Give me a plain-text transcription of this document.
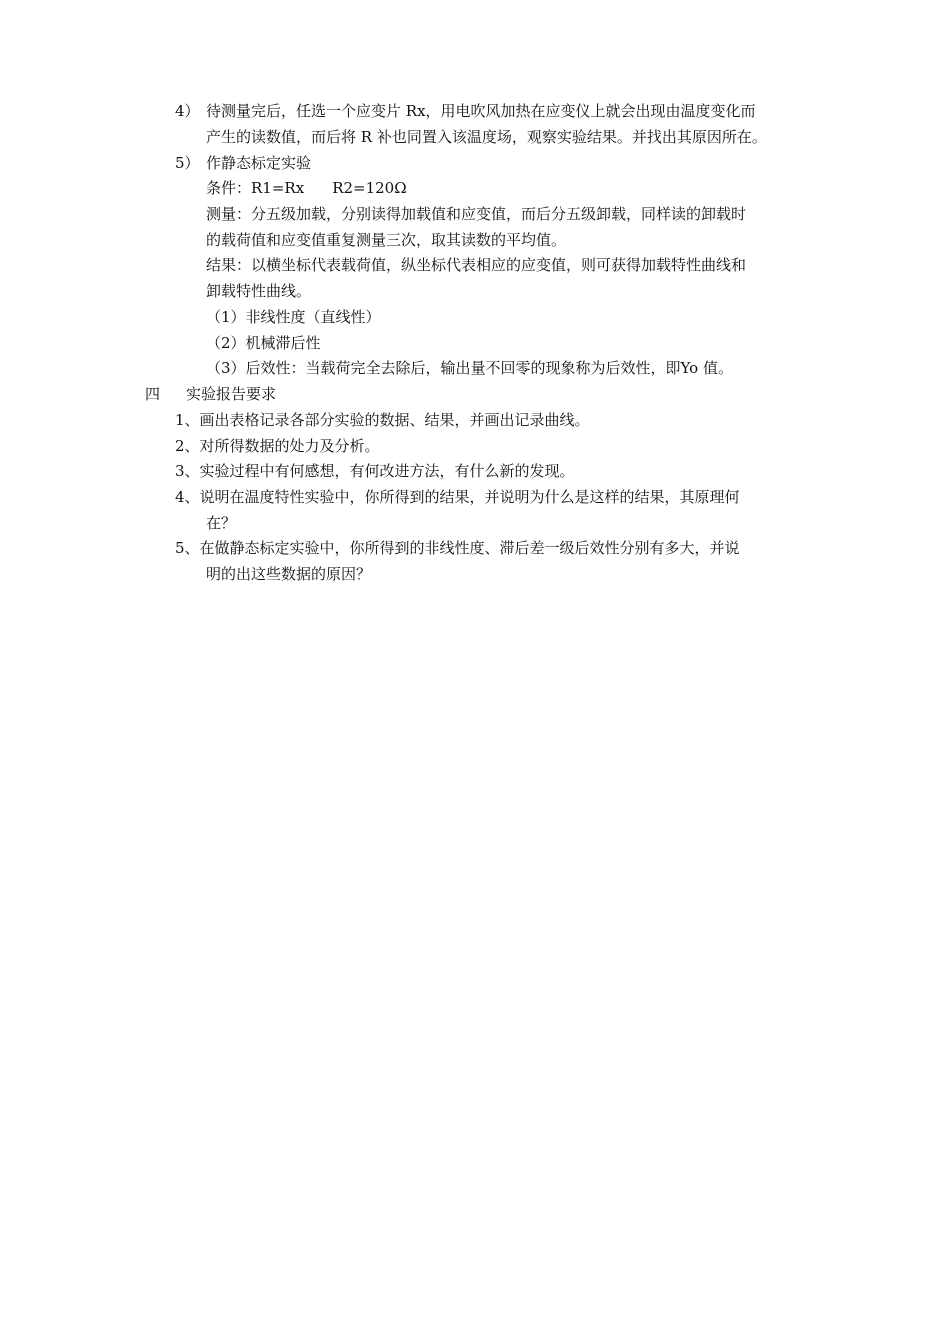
4） 待测量完后，任选一个应变片 Rx，用电吹风加热在应变仪上就会出现由温度变化而
产生的读数值，而后将 R 补也同置入该温度场，观察实验结果。并找出其原因所在。
5） 作静态标定实验
条件：R1=Rx R2=120Ω
测量：分五级加载，分别读得加载值和应变值，而后分五级卸载，同样读的卸载时
的载荷值和应变值重复测量三次，取其读数的平均值。
结果：以横坐标代表载荷值，纵坐标代表相应的应变值，则可获得加载特性曲线和
卸载特性曲线。
（1）非线性度（直线性）
（2）机械滞后性
（3）后效性：当载荷完全去除后，输出量不回零的现象称为后效性，即Yo 值。
四 实验报告要求
1、画出表格记录各部分实验的数据、结果，并画出记录曲线。
2、对所得数据的处力及分析。
3、实验过程中有何感想，有何改进方法，有什么新的发现。
4、说明在温度特性实验中，你所得到的结果，并说明为什么是这样的结果，其原理何
在？
5、在做静态标定实验中，你所得到的非线性度、滞后差一级后效性分别有多大，并说
明的出这些数据的原因？
